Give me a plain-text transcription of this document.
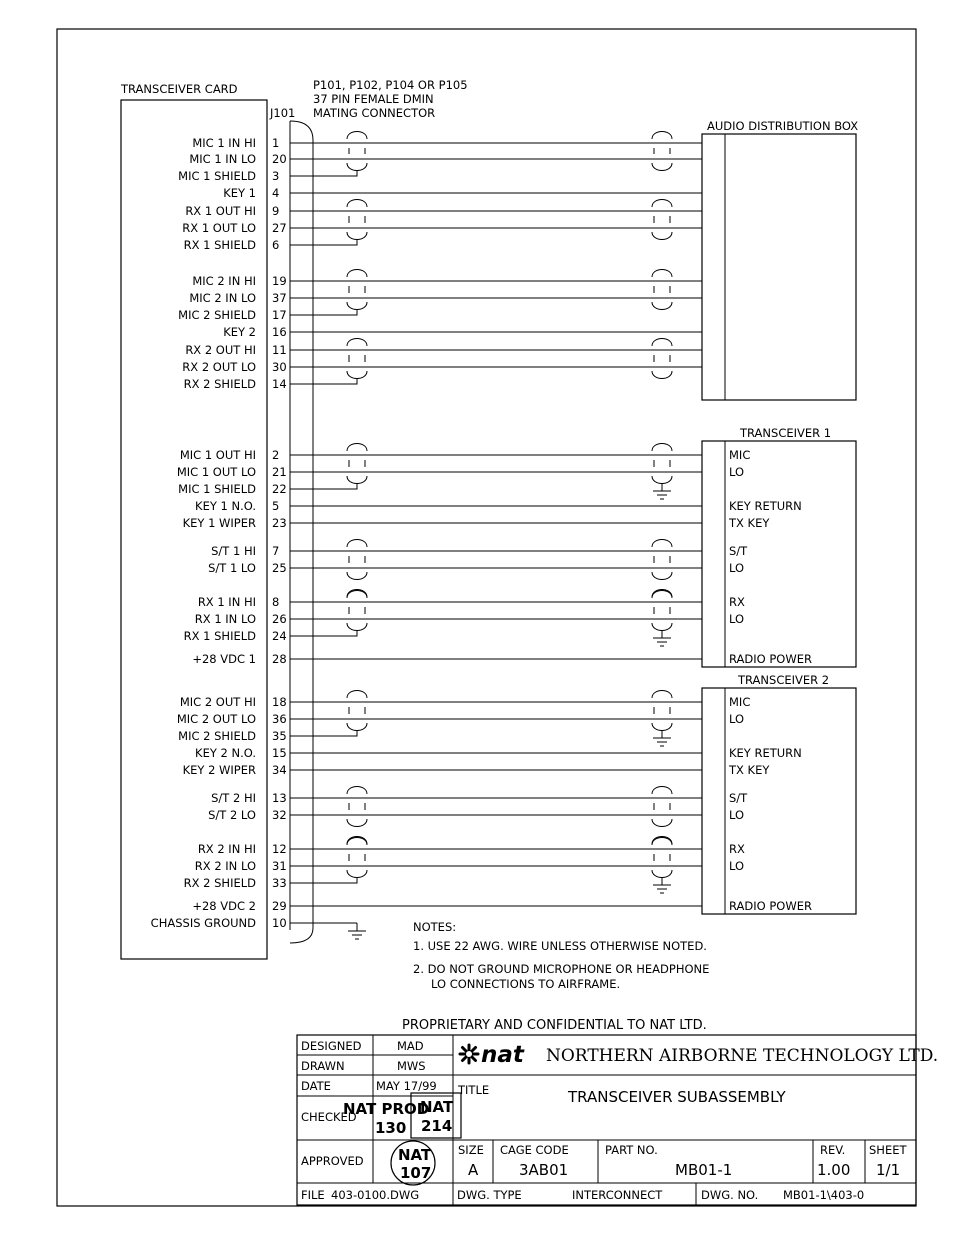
TRANSCEIVER CARD
J101
P101, P102, P104 OR P105
37 PIN FEMALE DMIN
MATING CONNECTOR
MIC 1 IN HI 1
MIC 1 IN LO 20
MIC 1 SHIELD 3
KEY 1 4
RX 1 OUT HI 9
RX 1 OUT LO 27
RX 1 SHIELD 6
MIC 2 IN HI 19
MIC 2 IN LO 37
MIC 2 SHIELD 17
KEY 2 16
RX 2 OUT HI 11
RX 2 OUT LO 30
RX 2 SHIELD 14
MIC 1 OUT HI 2
MIC 1 OUT LO 21
MIC 1 SHIELD 22
KEY 1 N.O. 5
KEY 1 WIPER 23
S/T 1 HI 7
S/T 1 LO 25
RX 1 IN HI 8
RX 1 IN LO 26
RX 1 SHIELD 24
+28 VDC 1 28
MIC 2 OUT HI 18
MIC 2 OUT LO 36
MIC 2 SHIELD 35
KEY 2 N.O. 15
KEY 2 WIPER 34
S/T 2 HI 13
S/T 2 LO 32
RX 2 IN HI 12
RX 2 IN LO 31
RX 2 SHIELD 33
+28 VDC 2 29
CHASSIS GROUND 10
AUDIO DISTRIBUTION BOX
TRANSCEIVER 1
MIC
LO
KEY RETURN
TX KEY
S/T
LO
RX
LO
RADIO POWER
TRANSCEIVER 2
MIC
LO
KEY RETURN
TX KEY
S/T
LO
RX
LO
RADIO POWER
NOTES:
1. USE 22 AWG. WIRE UNLESS OTHERWISE NOTED.
2. DO NOT GROUND MICROPHONE OR HEADPHONE
LO CONNECTIONS TO AIRFRAME.
PROPRIETARY AND CONFIDENTIAL TO NAT LTD.
DESIGNED	MAD
DRAWN	MWS
DATE	MAY 17/99
CHECKED
APPROVED
NAT PROD
130
NAT
214
NAT
107
nat NORTHERN AIRBORNE TECHNOLOGY LTD.
TITLE	TRANSCEIVER SUBASSEMBLY
SIZE
A
CAGE CODE
3AB01
PART NO.
MB01-1
REV.
1.00
SHEET
1/1
FILE 403-0100.DWG	DWG. TYPE	INTERCONNECT	DWG. NO. MB01-1\403-0
